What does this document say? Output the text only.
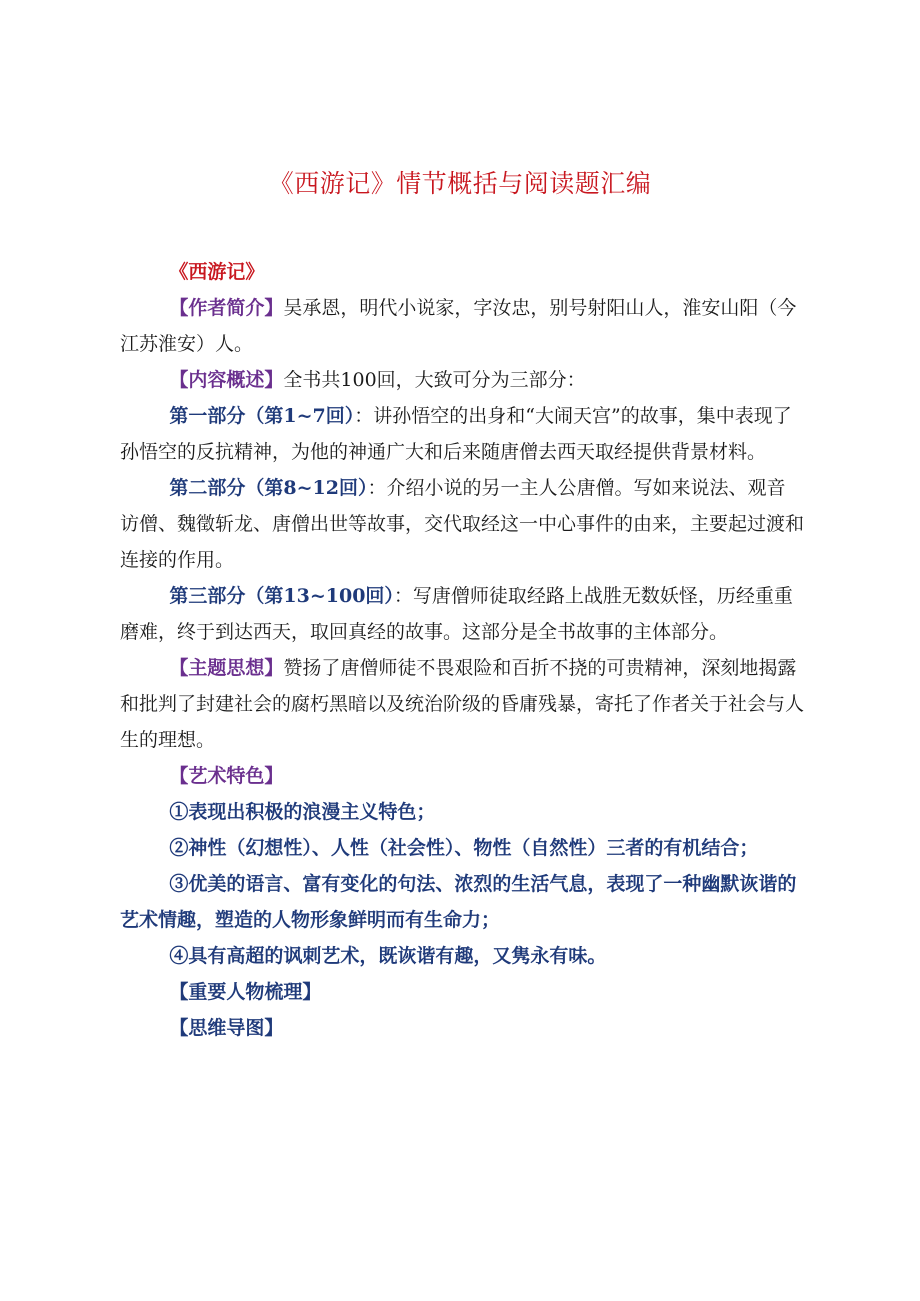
《西游记》情节概括与阅读题汇编

《西游记》

【作者简介】吴承恩，明代小说家，字汝忠，别号射阳山人，淮安山阳（今江苏淮安）人。

【内容概述】全书共100回，大致可分为三部分：

第一部分（第1~7回）：讲孙悟空的出身和“大闹天宫”的故事，集中表现了孙悟空的反抗精神，为他的神通广大和后来随唐僧去西天取经提供背景材料。

第二部分（第8~12回）：介绍小说的另一主人公唐僧。写如来说法、观音访僧、魏徵斩龙、唐僧出世等故事，交代取经这一中心事件的由来，主要起过渡和连接的作用。

第三部分（第13~100回）：写唐僧师徒取经路上战胜无数妖怪，历经重重磨难，终于到达西天，取回真经的故事。这部分是全书故事的主体部分。

【主题思想】赞扬了唐僧师徒不畏艰险和百折不挠的可贵精神，深刻地揭露和批判了封建社会的腐朽黑暗以及统治阶级的昏庸残暴，寄托了作者关于社会与人生的理想。

【艺术特色】

①表现出积极的浪漫主义特色；

②神性（幻想性）、人性（社会性）、物性（自然性）三者的有机结合；

③优美的语言、富有变化的句法、浓烈的生活气息，表现了一种幽默诙谐的艺术情趣，塑造的人物形象鲜明而有生命力；

④具有高超的讽刺艺术，既诙谐有趣，又隽永有味。

【重要人物梳理】

【思维导图】
